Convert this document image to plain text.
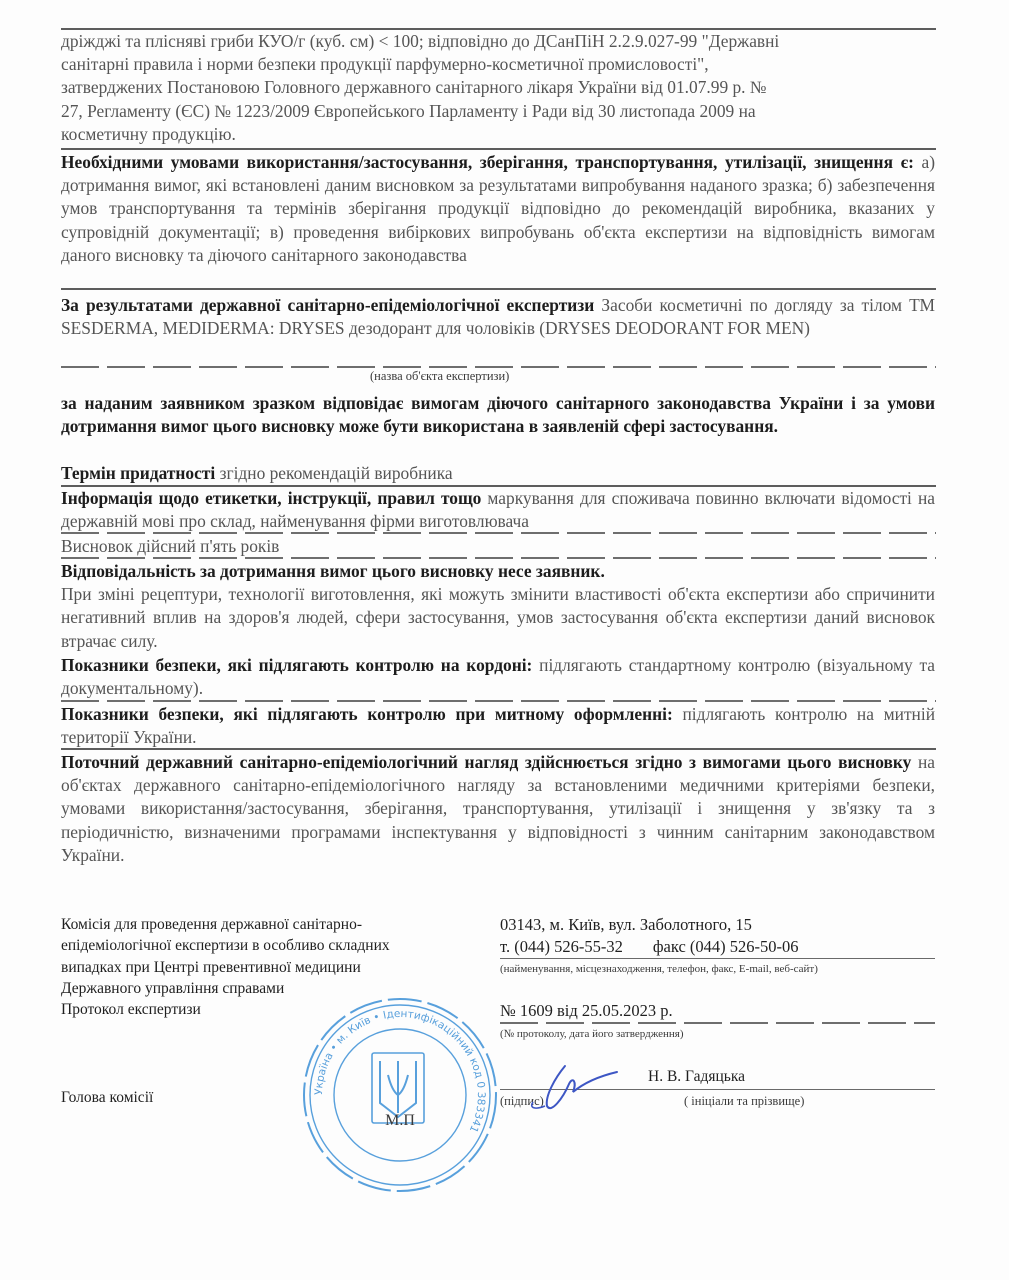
дріжджі та пліснявi гриби КУО/г (куб. см) < 100; відповідно до ДСанПіН 2.2.9.027-99 "Державні

санітарні правила і норми безпеки продукції парфумерно-косметичної промисловості",

затверджених Постановою Головного державного санітарного лікаря України від 01.07.99 р. №

27, Регламенту (ЄС) № 1223/2009 Європейського Парламенту і Ради від 30 листопада 2009 на

косметичну продукцію.

Необхідними умовами використання/застосування, зберігання, транспортування, утилізації, знищення є: а) дотримання вимог, які встановлені даним висновком за результатами випробування наданого зразка; б) забезпечення умов транспортування та термінів зберігання продукції відповідно до рекомендацій виробника, вказаних у супровідній документації; в) проведення вибіркових випробувань об'єкта експертизи на відповідність вимогам даного висновку та діючого санітарного законодавства

За результатами державної санітарно-епідеміологічної експертизи Засоби косметичні по догляду за тілом ТМ SESDERMA, MEDIDERMA: DRYSES дезодорант для чоловіків (DRYSES DEODORANT FOR MEN)

(назва об'єкта експертизи)

за наданим заявником зразком відповідає вимогам діючого санітарного законодавства України і за умови дотримання вимог цього висновку може бути використана в заявленій сфері застосування.

Термін придатності згідно рекомендацій виробника

Інформація щодо етикетки, інструкції, правил тощо маркування для споживача повинно включати відомості на державній мові про склад, найменування фірми виготовлювача

Висновок дійсний п'ять років

Відповідальність за дотримання вимог цього висновку несе заявник.

При зміні рецептури, технології виготовлення, які можуть змінити властивості об'єкта експертизи або спричинити негативний вплив на здоров'я людей, сфери застосування, умов застосування об'єкта експертизи даний висновок втрачає силу.

Показники безпеки, які підлягають контролю на кордоні: підлягають стандартному контролю (візуальному та документальному).

Показники безпеки, які підлягають контролю при митному оформленні: підлягають контролю на митній території України.

Поточний державний санітарно-епідеміологічний нагляд здійснюється згідно з вимогами цього висновку на об'єктах державного санітарно-епідеміологічного нагляду за встановленими медичними критеріями безпеки, умовами використання/застосування, зберігання, транспортування, утилізації і знищення у зв'язку та з періодичністю, визначеними програмами інспектування у відповідності з чинним санітарним законодавством України.

Комісія для проведення державної санітарно-
епідеміологічної експертизи в особливо складних
випадках при Центрі превентивної медицини
Державного управління справами
Протокол експертизи
03143, м. Київ, вул. Заболотного, 15
т. (044) 526-55-32 факс (044) 526-50-06
(найменування, місцезнаходження, телефон, факс, E-mail, веб-сайт)
№ 1609 від 25.05.2023 р.
(№ протоколу, дата його затвердження)
Голова комісії
Н. В. Гадяцька
(підпис)	( ініціали та прізвище)
Україна • м. Київ • Ідентифікаційний код 0 383341
М.П
